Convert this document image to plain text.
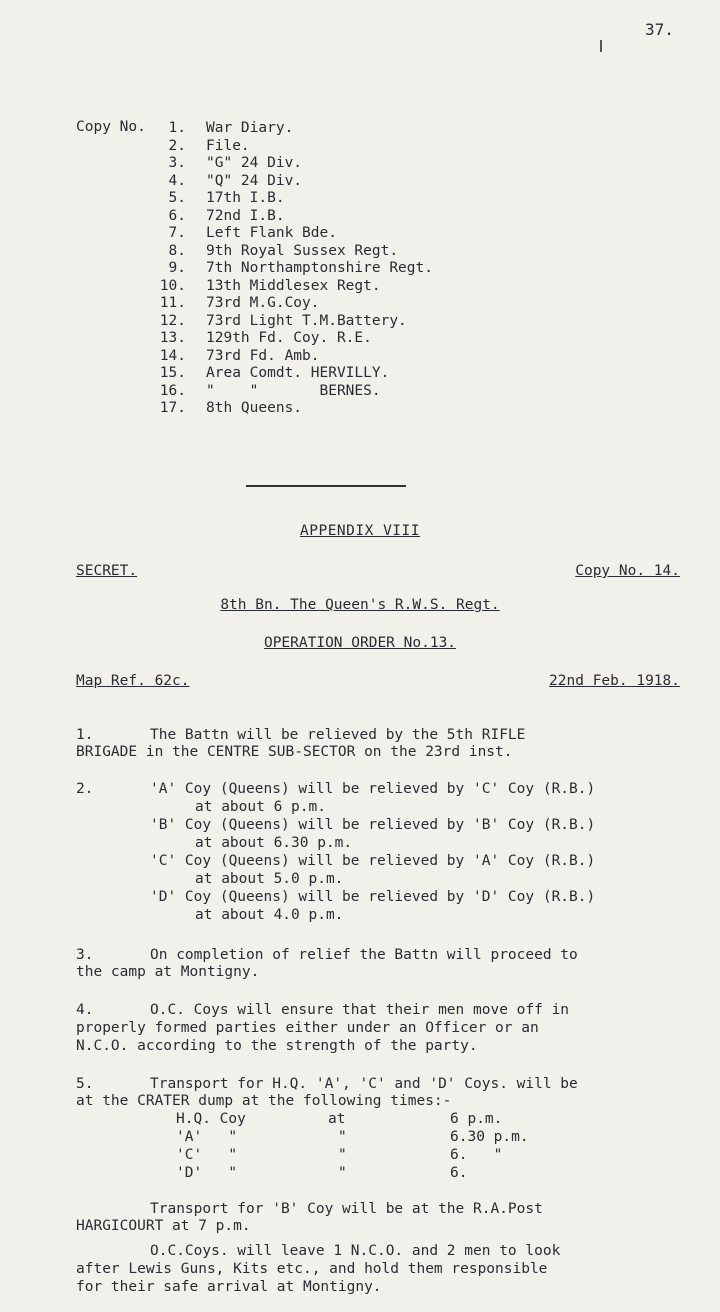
37.
Copy No.	1. War Diary.
2. File.
3. "G" 24 Div.
4. "Q" 24 Div.
5. 17th I.B.
6. 72nd I.B.
7. Left Flank Bde.
8. 9th Royal Sussex Regt.
9. 7th Northamptonshire Regt.
10. 13th Middlesex Regt.
11. 73rd M.G.Coy.
12. 73rd Light T.M.Battery.
13. 129th Fd. Coy. R.E.
14. 73rd Fd. Amb.
15. Area Comdt. HERVILLY.
16. "    "       BERNES.
17. 8th Queens.
APPENDIX VIII
SECRET.	Copy No. 14.
8th Bn. The Queen's R.W.S. Regt.
OPERATION ORDER No.13.
Map Ref. 62c.	22nd Feb. 1918.
1.	The Battn will be relieved by the 5th RIFLE
BRIGADE in the CENTRE SUB-SECTOR on the 23rd inst.
2.	'A' Coy (Queens) will be relieved by 'C' Coy (R.B.)
at about 6 p.m.
'B' Coy (Queens) will be relieved by 'B' Coy (R.B.)
at about 6.30 p.m.
'C' Coy (Queens) will be relieved by 'A' Coy (R.B.)
at about 5.0 p.m.
'D' Coy (Queens) will be relieved by 'D' Coy (R.B.)
at about 4.0 p.m.
3.	On completion of relief the Battn will proceed to
the camp at Montigny.
4.	O.C. Coys will ensure that their men move off in
properly formed parties either under an Officer or an
N.C.O. according to the strength of the party.
5.	Transport for H.Q. 'A', 'C' and 'D' Coys. will be
at the CRATER dump at the following times:-
H.Q. Coy	at	6 p.m.
'A'   "	"	6.30 p.m.
'C'   "	"	6.   "
'D'   "	"	6.
Transport for 'B' Coy will be at the R.A.Post
HARGICOURT at 7 p.m.
O.C.Coys. will leave 1 N.C.O. and 2 men to look
after Lewis Guns, Kits etc., and hold them responsible
for their safe arrival at Montigny.
